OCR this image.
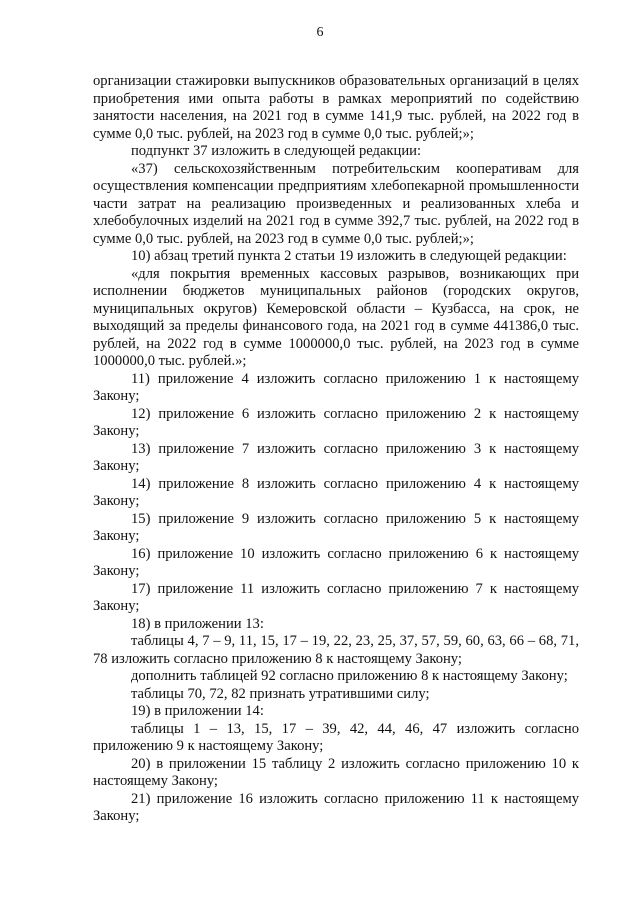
6

организации стажировки выпускников образовательных организаций в целях приобретения ими опыта работы в рамках мероприятий по содействию занятости населения, на 2021 год в сумме 141,9 тыс. рублей, на 2022 год в сумме 0,0 тыс. рублей, на 2023 год в сумме 0,0 тыс. рублей;»;

подпункт 37 изложить в следующей редакции:

«37) сельскохозяйственным потребительским кооперативам для осуществления компенсации предприятиям хлебопекарной промышленности части затрат на реализацию произведенных и реализованных хлеба и хлебобулочных изделий на 2021 год в сумме 392,7 тыс. рублей, на 2022 год в сумме 0,0 тыс. рублей, на 2023 год в сумме 0,0 тыс. рублей;»;

10) абзац третий пункта 2 статьи 19 изложить в следующей редакции:

«для покрытия временных кассовых разрывов, возникающих при исполнении бюджетов муниципальных районов (городских округов, муниципальных округов) Кемеровской области – Кузбасса, на срок, не выходящий за пределы финансового года, на 2021 год в сумме 441386,0 тыс. рублей, на 2022 год в сумме 1000000,0 тыс. рублей, на 2023 год в сумме 1000000,0 тыс. рублей.»;

11) приложение 4 изложить согласно приложению 1 к настоящему Закону;

12) приложение 6 изложить согласно приложению 2 к настоящему Закону;

13) приложение 7 изложить согласно приложению 3 к настоящему Закону;

14) приложение 8 изложить согласно приложению 4 к настоящему Закону;

15) приложение 9 изложить согласно приложению 5 к настоящему Закону;

16) приложение 10 изложить согласно приложению 6 к настоящему Закону;

17) приложение 11 изложить согласно приложению 7 к настоящему Закону;

18) в приложении 13:

таблицы 4, 7 – 9, 11, 15, 17 – 19, 22, 23, 25, 37, 57, 59, 60, 63, 66 – 68, 71, 78 изложить согласно приложению 8 к настоящему Закону;

дополнить таблицей 92 согласно приложению 8 к настоящему Закону;

таблицы 70, 72, 82 признать утратившими силу;

19) в приложении 14:

таблицы 1 – 13, 15, 17 – 39, 42, 44, 46, 47 изложить согласно приложению 9 к настоящему Закону;

20) в приложении 15 таблицу 2 изложить согласно приложению 10 к настоящему Закону;

21) приложение 16 изложить согласно приложению 11 к настоящему Закону;
